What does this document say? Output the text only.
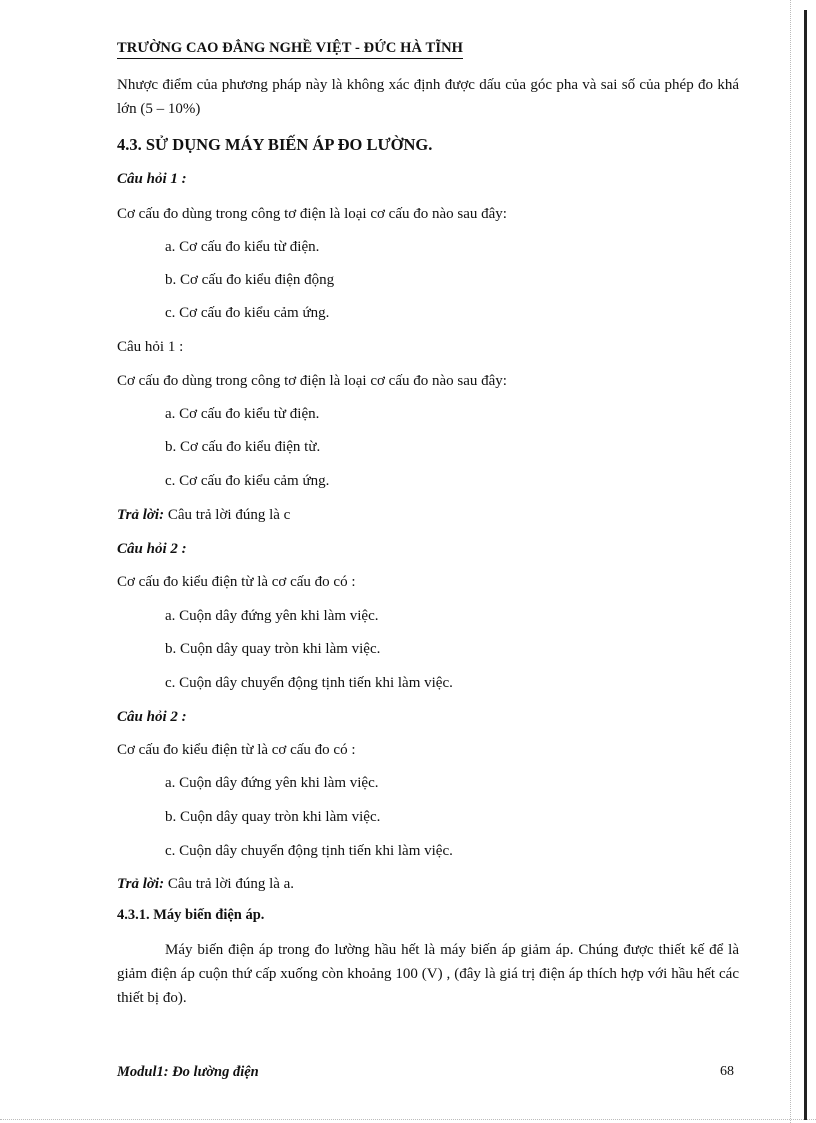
TRƯỜNG CAO ĐẲNG NGHỀ VIỆT - ĐỨC HÀ TĨNH
Nhược điểm của phương pháp này là không xác định được dấu của góc pha và sai số của phép đo khá lớn (5 – 10%)
4.3. SỬ DỤNG MÁY BIẾN ÁP ĐO LƯỜNG.
Câu hỏi 1 :
Cơ cấu đo dùng trong công tơ điện là loại cơ cấu đo nào sau đây:
a. Cơ cấu đo kiểu từ điện.
b. Cơ cấu đo kiểu điện động
c. Cơ cấu đo kiểu cảm ứng.
Câu hỏi 1 :
Cơ cấu đo dùng trong công tơ điện là loại cơ cấu đo nào sau đây:
a. Cơ cấu đo kiểu từ điện.
b. Cơ cấu đo kiểu điện từ.
c. Cơ cấu đo kiểu cảm ứng.
Trả lời: Câu trả lời đúng là c
Câu hỏi 2 :
Cơ cấu đo kiểu điện từ là cơ cấu đo có :
a. Cuộn dây đứng yên khi làm việc.
b. Cuộn dây quay tròn khi làm việc.
c. Cuộn dây chuyển động tịnh tiến khi làm việc.
Câu hỏi 2 :
Cơ cấu đo kiểu điện từ là cơ cấu đo có :
a. Cuộn dây đứng yên khi làm việc.
b. Cuộn dây quay tròn khi làm việc.
c. Cuộn dây chuyển động tịnh tiến khi làm việc.
Trả lời: Câu trả lời đúng là a.
4.3.1. Máy biến điện áp.
Máy biến điện áp trong đo lường hầu hết là máy biến áp giảm áp. Chúng được thiết kế để là giảm điện áp cuộn thứ cấp xuống còn khoảng 100 (V) , (đây là giá trị điện áp thích hợp với hầu hết các thiết bị đo).
Modul1: Đo lường điện	68
